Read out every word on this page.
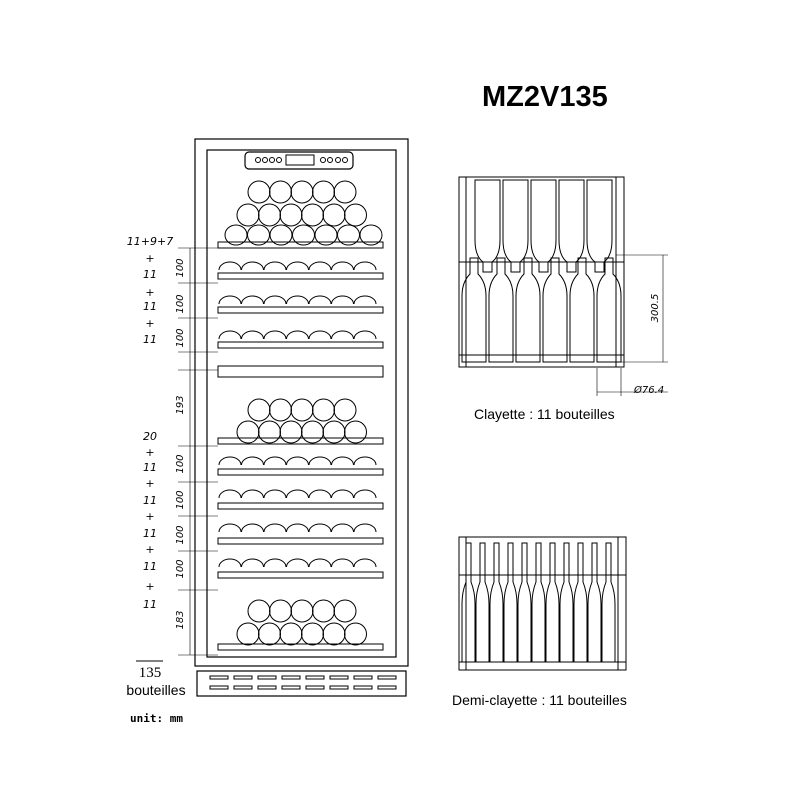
MZ2V135
11+9+7
+
11
+
11
+
11
20
+
11
+
11
+
11
+
11
+
11
100
100
100
193
100
100
100
100
183
135
bouteilles
unit: mm
300.5
Ø76.4
Clayette : 11 bouteilles
Demi-clayette : 11 bouteilles
